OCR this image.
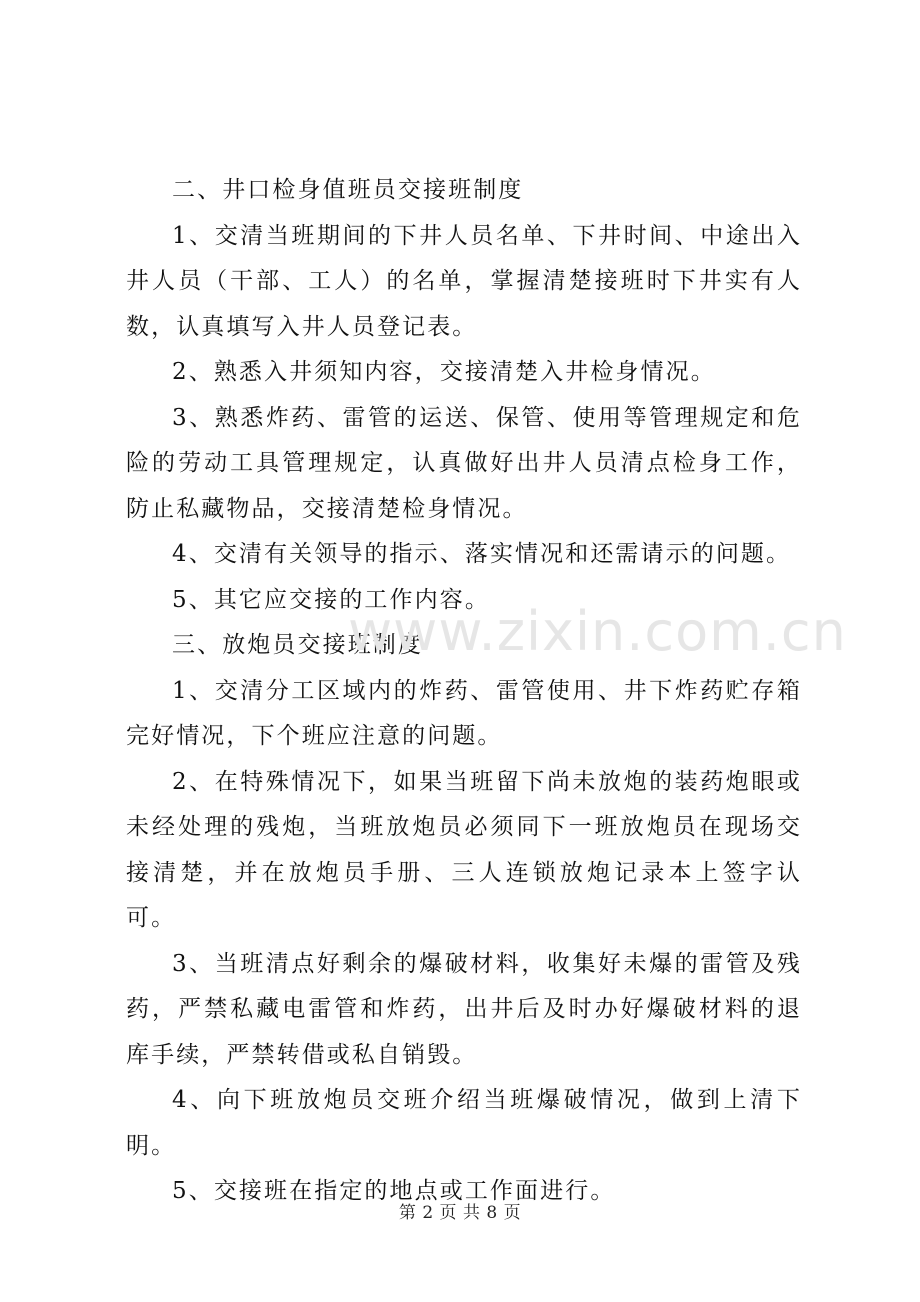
二、井口检身值班员交接班制度

1、交清当班期间的下井人员名单、下井时间、中途出入井人员（干部、工人）的名单，掌握清楚接班时下井实有人数，认真填写入井人员登记表。

2、熟悉入井须知内容，交接清楚入井检身情况。

3、熟悉炸药、雷管的运送、保管、使用等管理规定和危险的劳动工具管理规定，认真做好出井人员清点检身工作，防止私藏物品，交接清楚检身情况。

4、交清有关领导的指示、落实情况和还需请示的问题。

5、其它应交接的工作内容。

三、放炮员交接班制度

1、交清分工区域内的炸药、雷管使用、井下炸药贮存箱完好情况，下个班应注意的问题。

2、在特殊情况下，如果当班留下尚未放炮的装药炮眼或未经处理的残炮，当班放炮员必须同下一班放炮员在现场交接清楚，并在放炮员手册、三人连锁放炮记录本上签字认可。

3、当班清点好剩余的爆破材料，收集好未爆的雷管及残药，严禁私藏电雷管和炸药，出井后及时办好爆破材料的退库手续，严禁转借或私自销毁。

4、向下班放炮员交班介绍当班爆破情况，做到上清下明。

5、交接班在指定的地点或工作面进行。

www.zixin.com.cn
第 2 页 共 8 页
